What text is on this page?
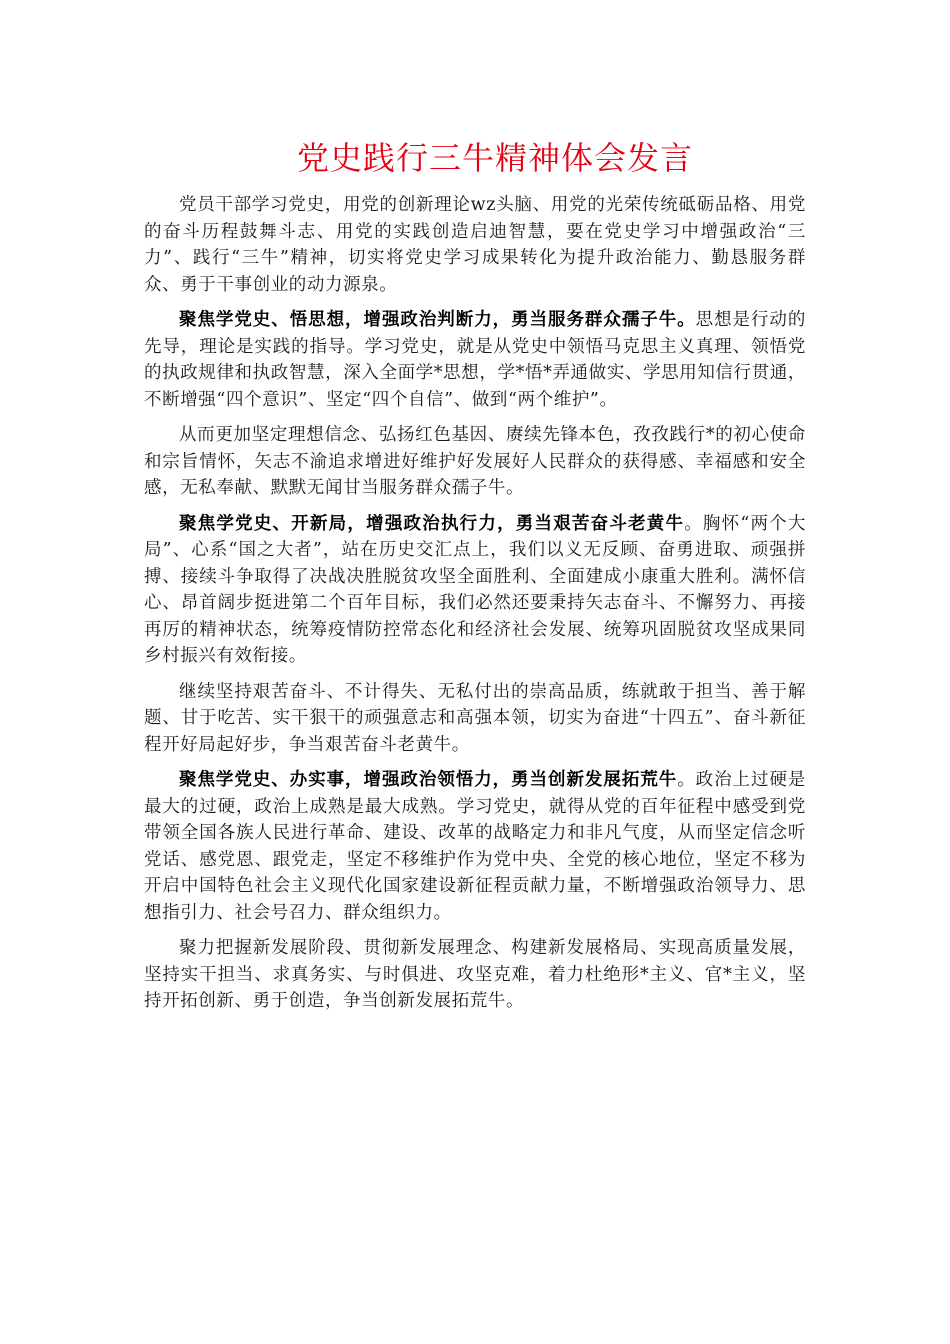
党史践行三牛精神体会发言

党员干部学习党史，用党的创新理论wz头脑、用党的光荣传统砥砺品格、用党的奋斗历程鼓舞斗志、用党的实践创造启迪智慧，要在党史学习中增强政治“三力”、践行“三牛”精神，切实将党史学习成果转化为提升政治能力、勤恳服务群众、勇于干事创业的动力源泉。

聚焦学党史、悟思想，增强政治判断力，勇当服务群众孺子牛。思想是行动的先导，理论是实践的指导。学习党史，就是从党史中领悟马克思主义真理、领悟党的执政规律和执政智慧，深入全面学*思想，学*悟*弄通做实、学思用知信行贯通，不断增强“四个意识”、坚定“四个自信”、做到“两个维护”。

从而更加坚定理想信念、弘扬红色基因、赓续先锋本色，孜孜践行*的初心使命和宗旨情怀，矢志不渝追求增进好维护好发展好人民群众的获得感、幸福感和安全感，无私奉献、默默无闻甘当服务群众孺子牛。

聚焦学党史、开新局，增强政治执行力，勇当艰苦奋斗老黄牛。胸怀“两个大局”、心系“国之大者”，站在历史交汇点上，我们以义无反顾、奋勇进取、顽强拼搏、接续斗争取得了决战决胜脱贫攻坚全面胜利、全面建成小康重大胜利。满怀信心、昂首阔步挺进第二个百年目标，我们必然还要秉持矢志奋斗、不懈努力、再接再厉的精神状态，统筹疫情防控常态化和经济社会发展、统筹巩固脱贫攻坚成果同乡村振兴有效衔接。

继续坚持艰苦奋斗、不计得失、无私付出的崇高品质，练就敢于担当、善于解题、甘于吃苦、实干狠干的顽强意志和高强本领，切实为奋进“十四五”、奋斗新征程开好局起好步，争当艰苦奋斗老黄牛。

聚焦学党史、办实事，增强政治领悟力，勇当创新发展拓荒牛。政治上过硬是最大的过硬，政治上成熟是最大成熟。学习党史，就得从党的百年征程中感受到党带领全国各族人民进行革命、建设、改革的战略定力和非凡气度，从而坚定信念听党话、感党恩、跟党走，坚定不移维护作为党中央、全党的核心地位，坚定不移为开启中国特色社会主义现代化国家建设新征程贡献力量，不断增强政治领导力、思想指引力、社会号召力、群众组织力。

聚力把握新发展阶段、贯彻新发展理念、构建新发展格局、实现高质量发展，坚持实干担当、求真务实、与时俱进、攻坚克难，着力杜绝形*主义、官*主义，坚持开拓创新、勇于创造，争当创新发展拓荒牛。
